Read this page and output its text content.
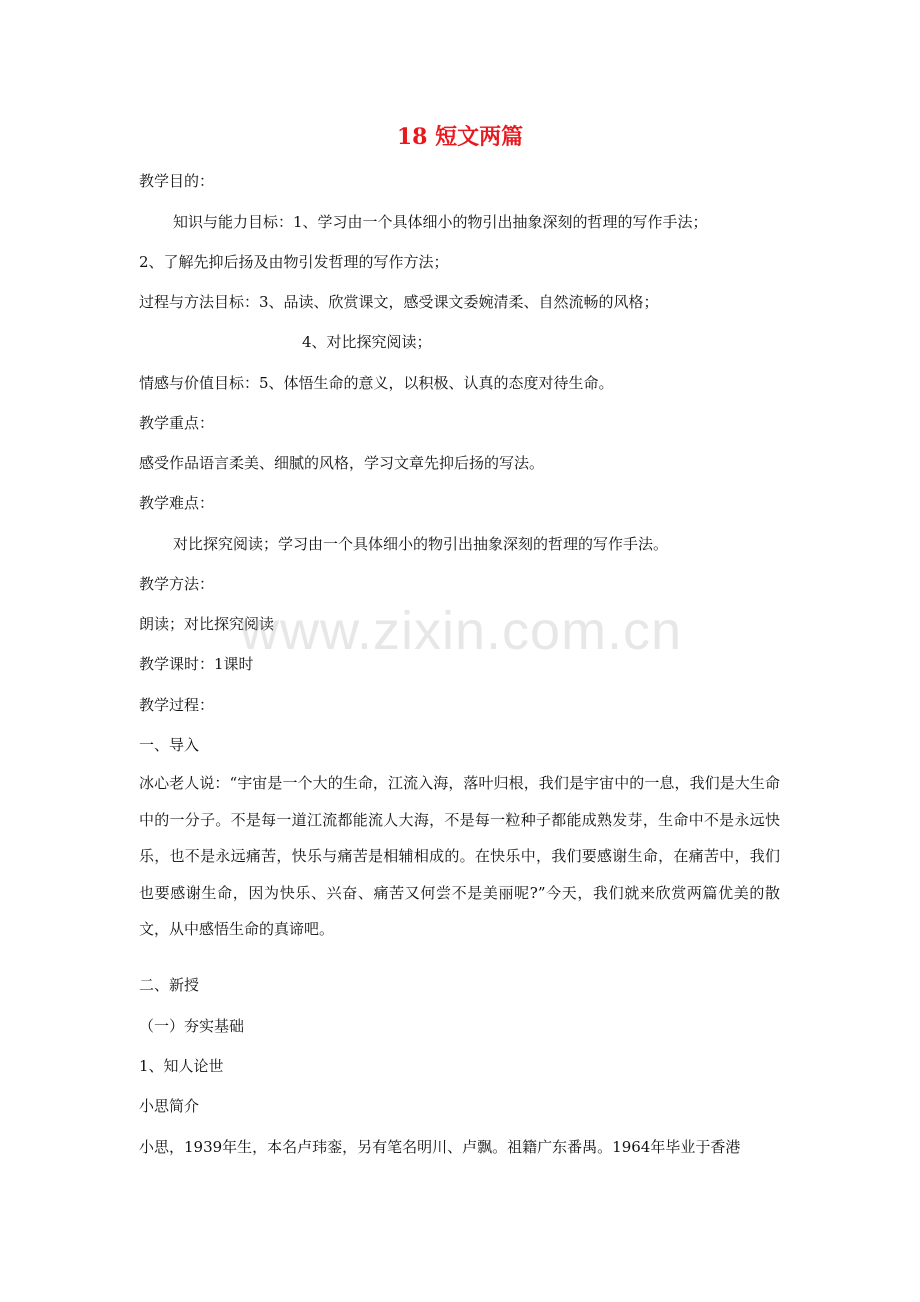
18 短文两篇
教学目的：
知识与能力目标：1、学习由一个具体细小的物引出抽象深刻的哲理的写作手法；
2、了解先抑后扬及由物引发哲理的写作方法；
过程与方法目标：3、品读、欣赏课文，感受课文委婉清柔、自然流畅的风格；
4、对比探究阅读；
情感与价值目标：5、体悟生命的意义，以积极、认真的态度对待生命。
教学重点：
感受作品语言柔美、细腻的风格，学习文章先抑后扬的写法。
教学难点：
对比探究阅读；学习由一个具体细小的物引出抽象深刻的哲理的写作手法。
教学方法：
朗读；对比探究阅读
教学课时：1课时
教学过程：
一、导入
冰心老人说：“宇宙是一个大的生命，江流入海，落叶归根，我们是宇宙中的一息，我们是大生命中的一分子。不是每一道江流都能流人大海，不是每一粒种子都能成熟发芽，生命中不是永远快乐，也不是永远痛苦，快乐与痛苦是相辅相成的。在快乐中，我们要感谢生命，在痛苦中，我们也要感谢生命，因为快乐、兴奋、痛苦又何尝不是美丽呢?”今天，我们就来欣赏两篇优美的散文，从中感悟生命的真谛吧。
二、新授
（一）夯实基础
1、知人论世
小思简介
小思，1939年生，本名卢玮銮，另有笔名明川、卢飘。祖籍广东番禺。1964年毕业于香港
www.zixin.com.cn
